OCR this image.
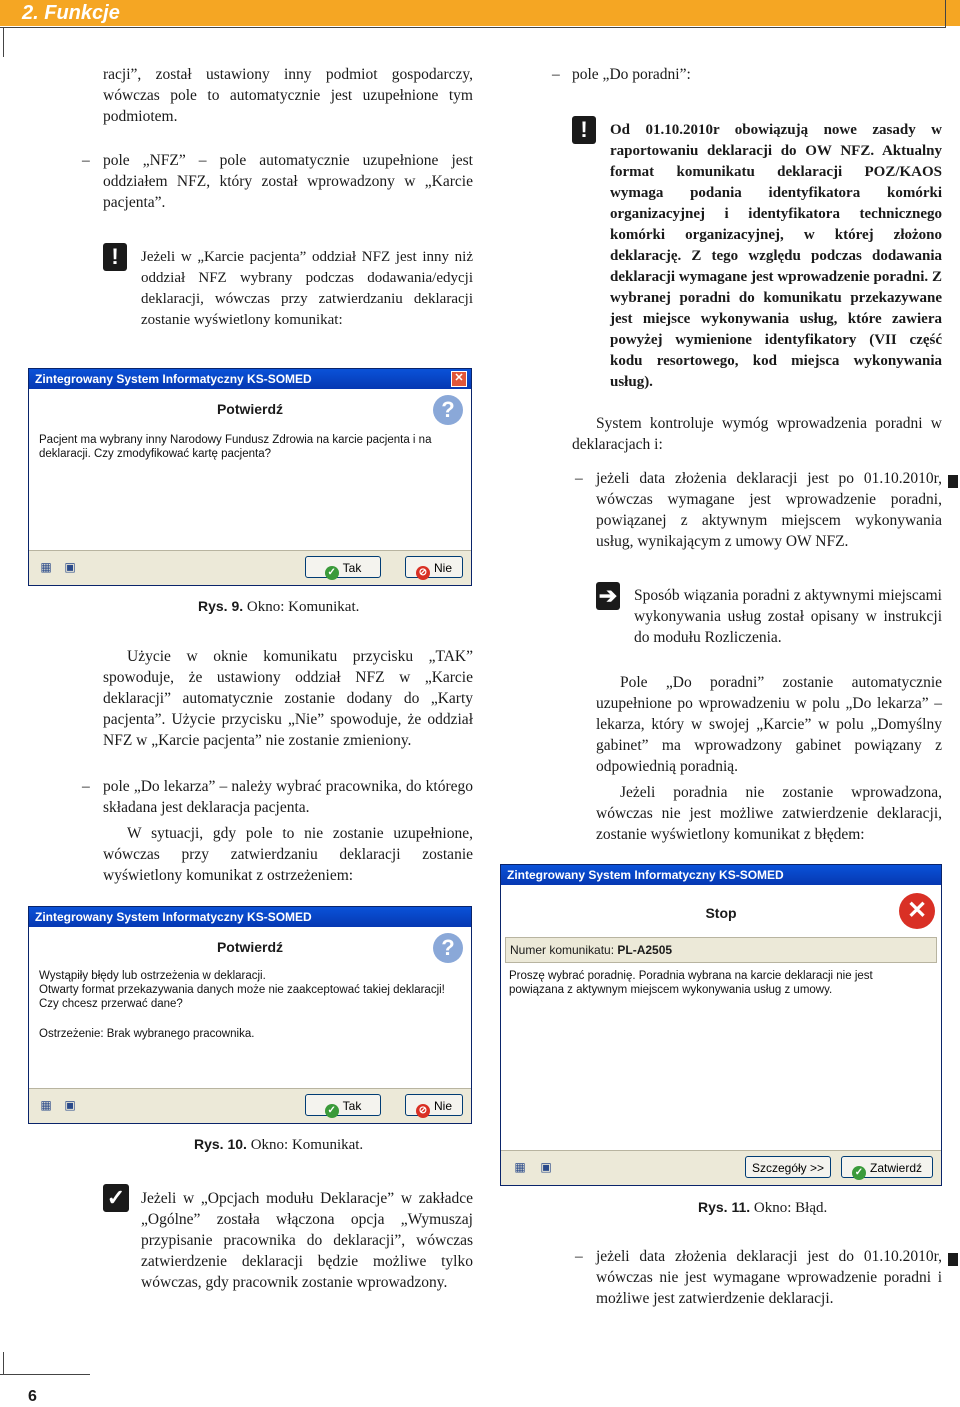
2. Funkcje

racji”, został ustawiony inny podmiot gospodarczy, wówczas pole to automatycznie jest uzupełnione tym podmiotem.

– pole „NFZ” – pole automatycznie uzupełnione jest oddziałem NFZ, który został wprowadzony w „Karcie pacjenta”.

!	Jeżeli w „Karcie pacjenta” oddział NFZ jest inny niż oddział NFZ wybrany podczas dodawania/edycji deklaracji, wówczas przy zatwierdzaniu deklaracji zostanie wyświetlony komunikat:

Zintegrowany System Informatyczny KS-SOMED	✕
Potwierdź	?
Pacjent ma wybrany inny Narodowy Fundusz Zdrowia na karcie pacjenta i na deklaracji. Czy zmodyfikować kartę pacjenta?
▦ ▣	✓ Tak	⊘ Nie
Rys. 9. Okno: Komunikat.

Użycie w oknie komunikatu przycisku „TAK” spowoduje, że ustawiony oddział NFZ w „Karcie deklaracji” automatycznie zostanie dodany do „Karty pacjenta”. Użycie przycisku „Nie” spowoduje, że oddział NFZ w „Karcie pacjenta” nie zostanie zmieniony.

– pole „Do lekarza” – należy wybrać pracownika, do którego składana jest deklaracja pacjenta.

W sytuacji, gdy pole to nie zostanie uzupełnione, wówczas przy zatwierdzaniu deklaracji zostanie wyświetlony komunikat z ostrzeżeniem:

Zintegrowany System Informatyczny KS-SOMED
Potwierdź	?
Wystąpiły błędy lub ostrzeżenia w deklaracji.
Otwarty format przekazywania danych może nie zaakceptować takiej deklaracji!
Czy chcesz przerwać dane?
Ostrzeżenie: Brak wybranego pracownika.
▦ ▣	✓ Tak	⊘ Nie
Rys. 10. Okno: Komunikat.
✓ Jeżeli w „Opcjach modułu Deklaracje” w zakładce „Ogólne” została włączona opcja „Wymuszaj przypisanie pracownika do deklaracji”, wówczas zatwierdzenie deklaracji będzie możliwe tylko wówczas, gdy pracownik zostanie wprowadzony.

– pole „Do poradni”:

!	Od 01.10.2010r obowiązują nowe zasady w raportowaniu deklaracji do OW NFZ. Aktualny format komunikatu deklaracji POZ/KAOS wymaga podania identyfikatora komórki organizacyjnej i identyfikatora technicznego komórki organizacyjnej, w której złożono deklarację. Z tego względu podczas dodawania deklaracji wymagane jest wprowadzenie poradni. Z wybranej poradni do komunikatu przekazywane jest miejsce wykonywania usług, które zawiera powyżej wymienione identyfikatory (VII część kodu resortowego, kod miejsca wykonywania usług).

System kontroluje wymóg wprowadzenia poradni w deklaracjach i:

– jeżeli data złożenia deklaracji jest po 01.10.2010r, wówczas wymagane jest wprowadzenie poradni, powiązanej z aktywnym miejscem wykonywania usług, wynikającym z umowy OW NFZ.

➔ Sposób wiązania poradni z aktywnymi miejscami wykonywania usług został opisany w instrukcji do modułu Rozliczenia.

Pole „Do poradni” zostanie automatycznie uzupełnione po wprowadzeniu w polu „Do lekarza” – lekarza, który w swojej „Karcie” w polu „Domyślny gabinet” ma wprowadzony gabinet powiązany z odpowiednią poradnią.

Jeżeli poradnia nie zostanie wprowadzona, wówczas nie jest możliwe zatwierdzenie deklaracji, zostanie wyświetlony komunikat z błędem:

Zintegrowany System Informatyczny KS-SOMED
Stop	✕
Numer komunikatu: PL-A2505
Proszę wybrać poradnię. Poradnia wybrana na karcie deklaracji nie jest powiązana z aktywnym miejscem wykonywania usług z umowy.
▦ ▣	Szczegóły >>	✓ Zatwierdź
Rys. 11. Okno: Błąd.
– jeżeli data złożenia deklaracji jest do 01.10.2010r, wówczas nie jest wymagane wprowadzenie poradni i możliwe jest zatwierdzenie deklaracji.

6
